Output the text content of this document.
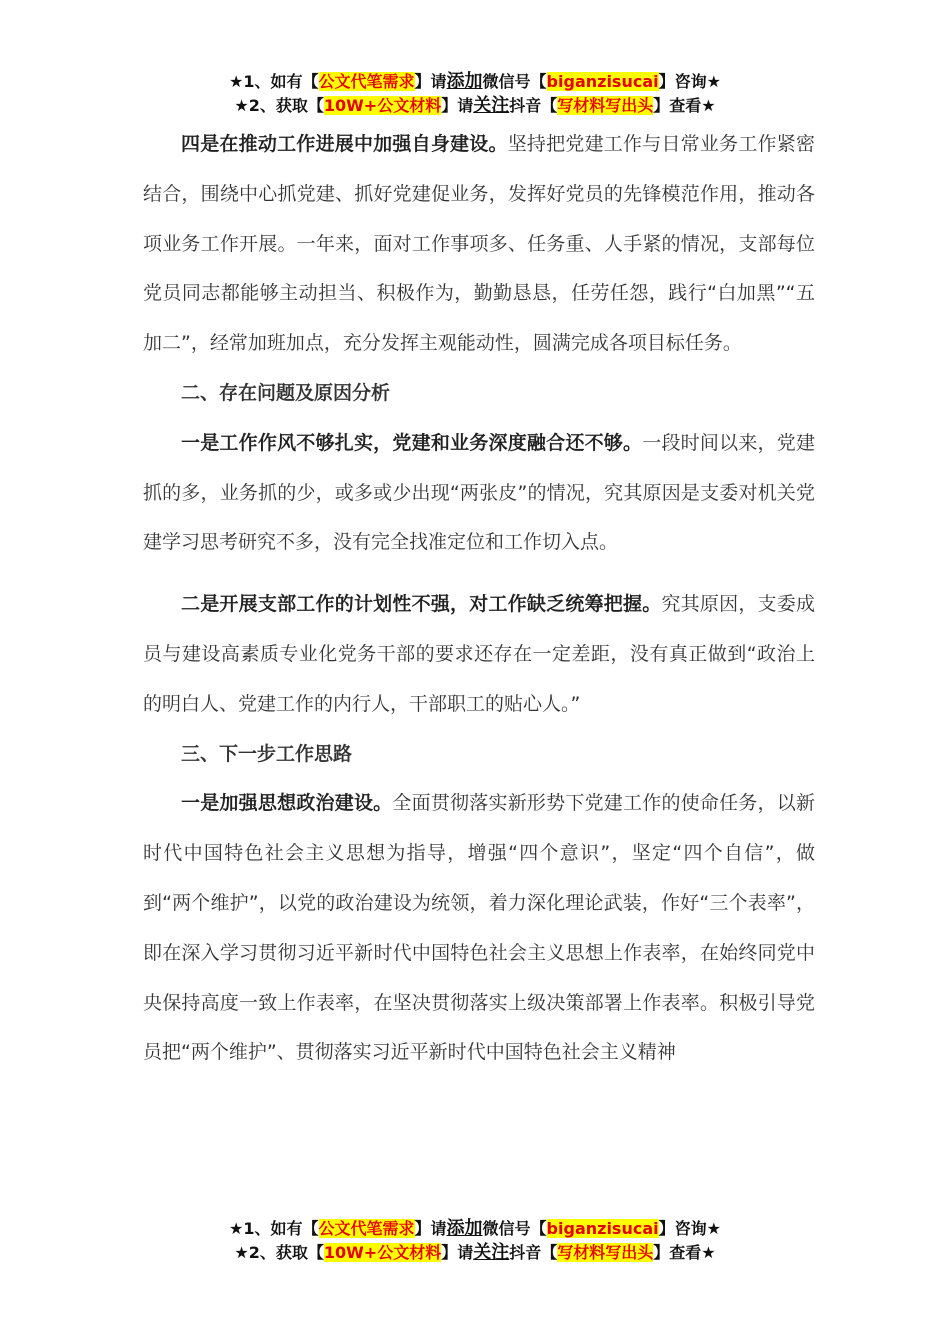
★1、如有【公文代笔需求】请添加微信号【biganzisucai】咨询★
★2、获取【10W+公文材料】请关注抖音【写材料写出头】查看★

四是在推动工作进展中加强自身建设。坚持把党建工作与日常业务工作紧密结合，围绕中心抓党建、抓好党建促业务，发挥好党员的先锋模范作用，推动各项业务工作开展。一年来，面对工作事项多、任务重、人手紧的情况，支部每位党员同志都能够主动担当、积极作为，勤勤恳恳，任劳任怨，践行“白加黑”“五加二”，经常加班加点，充分发挥主观能动性，圆满完成各项目标任务。

二、存在问题及原因分析

一是工作作风不够扎实，党建和业务深度融合还不够。一段时间以来，党建抓的多，业务抓的少，或多或少出现“两张皮”的情况，究其原因是支委对机关党建学习思考研究不多，没有完全找准定位和工作切入点。

二是开展支部工作的计划性不强，对工作缺乏统筹把握。究其原因，支委成员与建设高素质专业化党务干部的要求还存在一定差距，没有真正做到“政治上的明白人、党建工作的内行人，干部职工的贴心人。”

三、下一步工作思路

一是加强思想政治建设。全面贯彻落实新形势下党建工作的使命任务，以新时代中国特色社会主义思想为指导，增强“四个意识”，坚定“四个自信”，做到“两个维护”，以党的政治建设为统领，着力深化理论武装，作好“三个表率”，即在深入学习贯彻习近平新时代中国特色社会主义思想上作表率，在始终同党中央保持高度一致上作表率，在坚决贯彻落实上级决策部署上作表率。积极引导党员把“两个维护”、贯彻落实习近平新时代中国特色社会主义精神

★1、如有【公文代笔需求】请添加微信号【biganzisucai】咨询★
★2、获取【10W+公文材料】请关注抖音【写材料写出头】查看★
